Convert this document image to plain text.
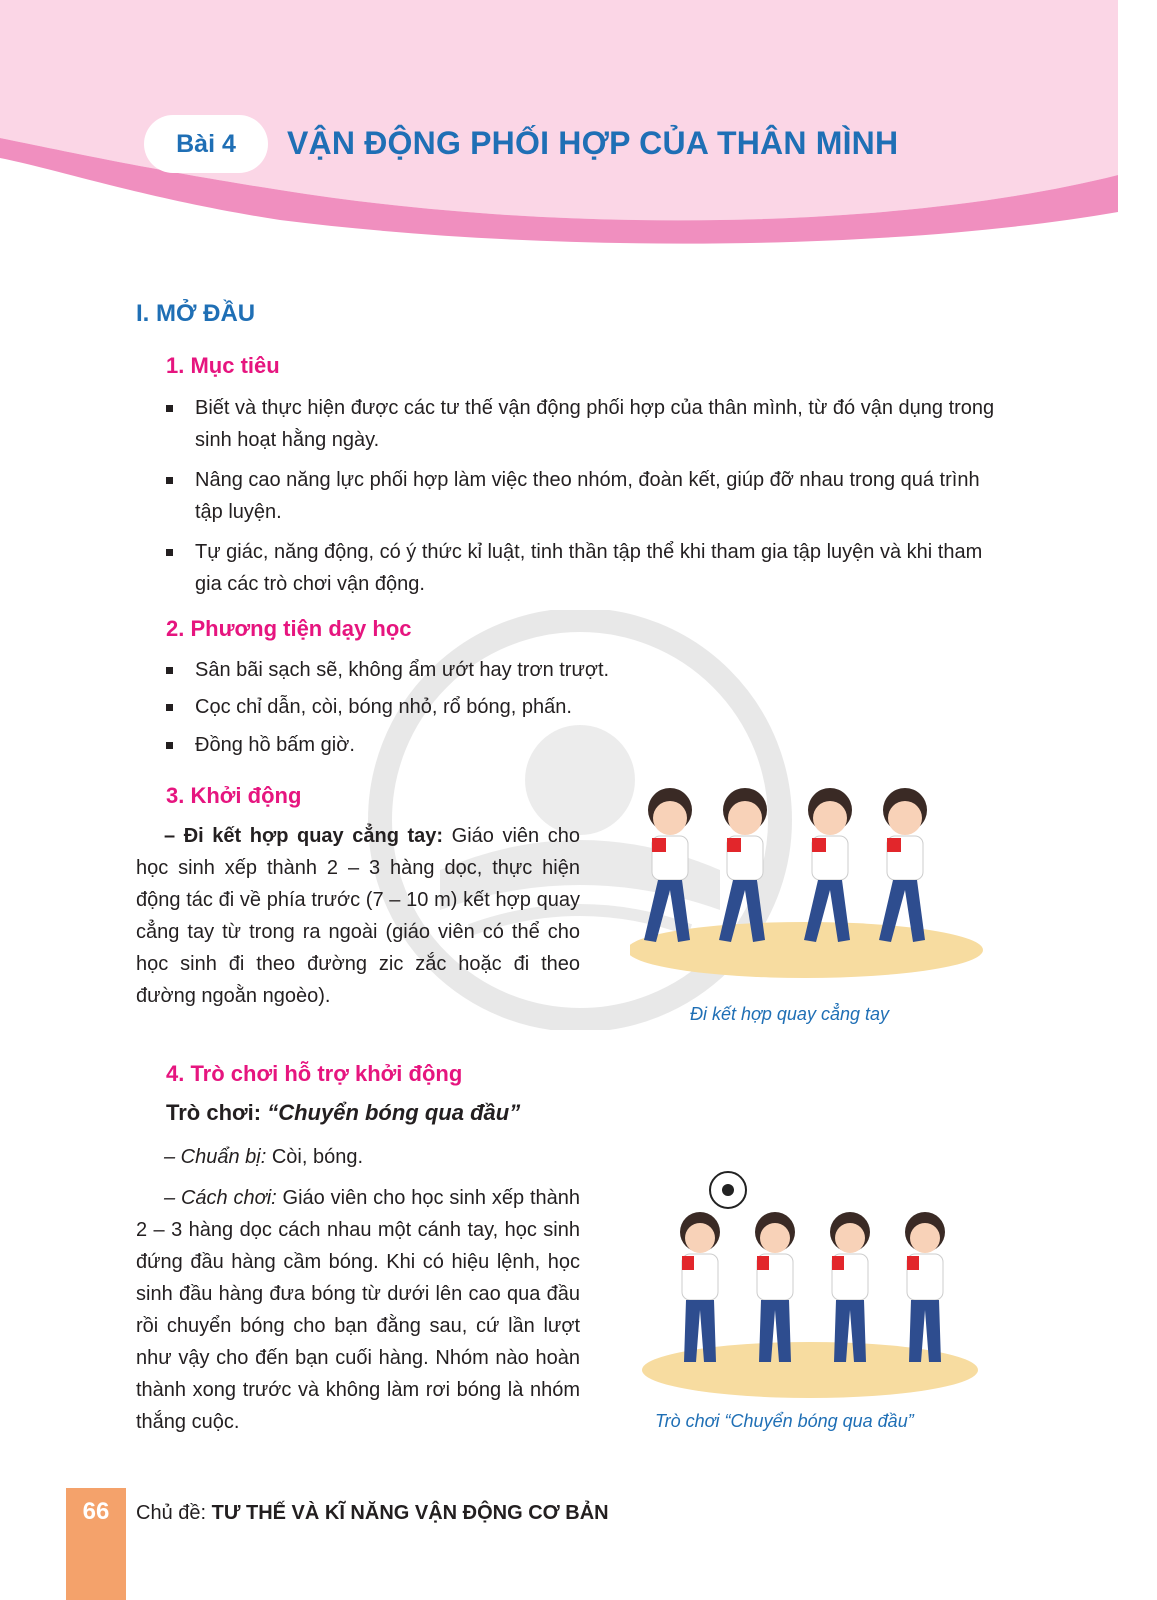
Bài 4	VẬN ĐỘNG PHỐI HỢP CỦA THÂN MÌNH
I. MỞ ĐẦU
1. Mục tiêu
Biết và thực hiện được các tư thế vận động phối hợp của thân mình, từ đó vận dụng trong sinh hoạt hằng ngày.
Nâng cao năng lực phối hợp làm việc theo nhóm, đoàn kết, giúp đỡ nhau trong quá trình tập luyện.
Tự giác, năng động, có ý thức kỉ luật, tinh thần tập thể khi tham gia tập luyện và khi tham gia các trò chơi vận động.
2. Phương tiện dạy học
Sân bãi sạch sẽ, không ẩm ướt hay trơn trượt.
Cọc chỉ dẫn, còi, bóng nhỏ, rổ bóng, phấn.
Đồng hồ bấm giờ.
3. Khởi động
– Đi kết hợp quay cẳng tay: Giáo viên cho học sinh xếp thành 2 – 3 hàng dọc, thực hiện động tác đi về phía trước (7 – 10 m) kết hợp quay cẳng tay từ trong ra ngoài (giáo viên có thể cho học sinh đi theo đường zic zắc hoặc đi theo đường ngoằn ngoèo).
Đi kết hợp quay cẳng tay
4. Trò chơi hỗ trợ khởi động
Trò chơi: “Chuyển bóng qua đầu”
– Chuẩn bị: Còi, bóng.
– Cách chơi: Giáo viên cho học sinh xếp thành 2 – 3 hàng dọc cách nhau một cánh tay, học sinh đứng đầu hàng cầm bóng. Khi có hiệu lệnh, học sinh đầu hàng đưa bóng từ dưới lên cao qua đầu rồi chuyển bóng cho bạn đằng sau, cứ lần lượt như vậy cho đến bạn cuối hàng. Nhóm nào hoàn thành xong trước và không làm rơi bóng là nhóm thắng cuộc.	Trò chơi “Chuyển bóng qua đầu”
66	Chủ đề: TƯ THẾ VÀ KĨ NĂNG VẬN ĐỘNG CƠ BẢN
